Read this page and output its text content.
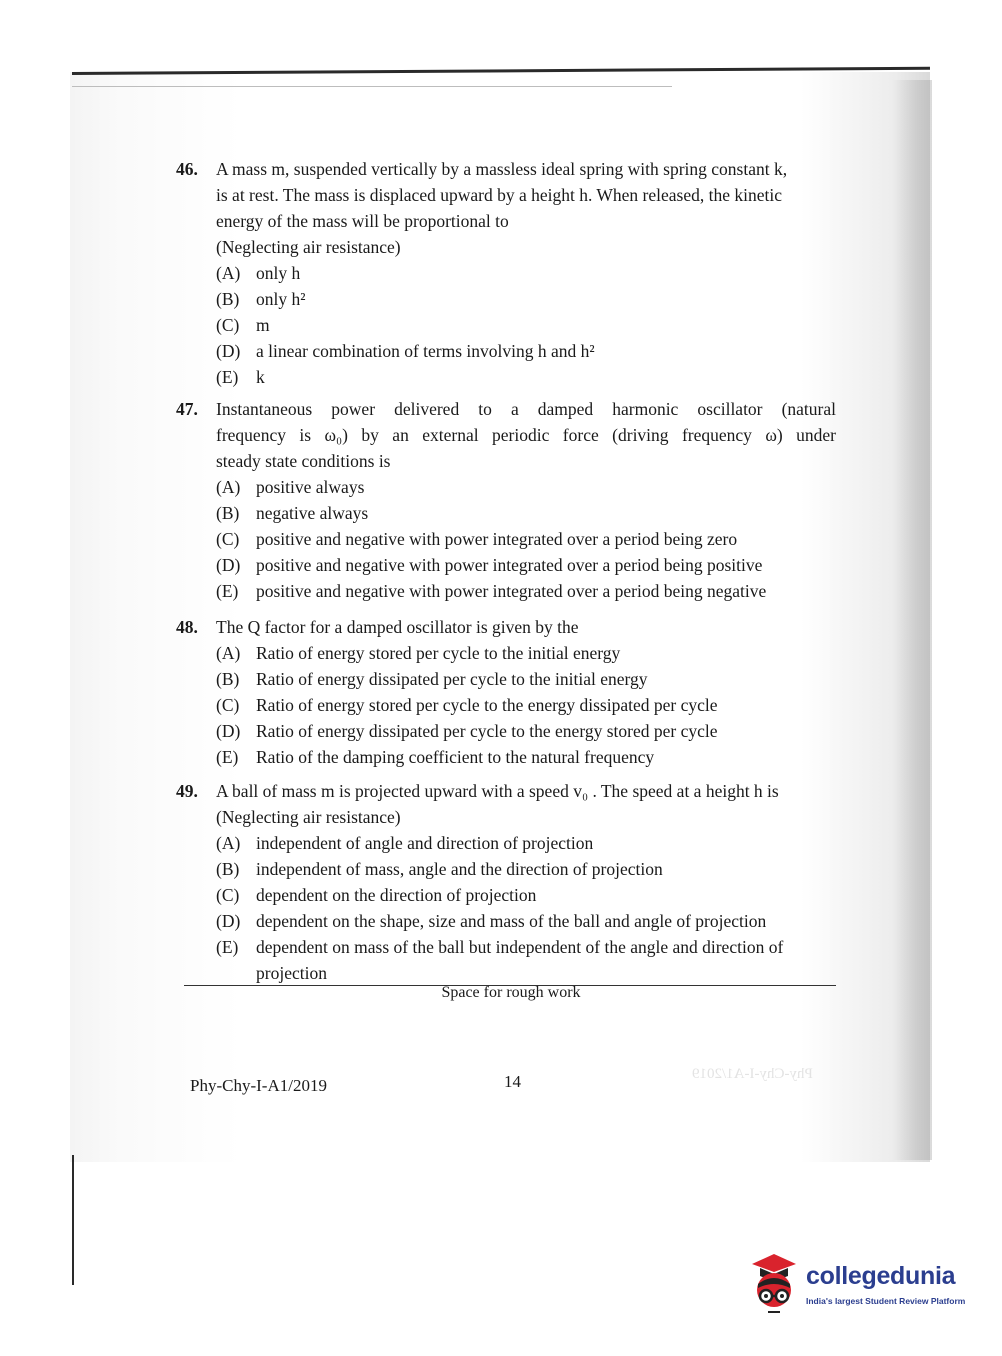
46. A mass m, suspended vertically by a massless ideal spring with spring constant k,
is at rest. The mass is displaced upward by a height h. When released, the kinetic
energy of the mass will be proportional to
(Neglecting air resistance)
(A) only h
(B) only h²
(C) m
(D) a linear combination of terms involving h and h²
(E)	k
47. Instantaneous power delivered to a damped harmonic oscillator (natural
frequency is ω₀) by an external periodic force (driving frequency ω) under
steady state conditions is
(A) positive always
(B) negative always
(C) positive and negative with power integrated over a period being zero
(D) positive and negative with power integrated over a period being positive
(E)	positive and negative with power integrated over a period being negative
48. The Q factor for a damped oscillator is given by the
(A) Ratio of energy stored per cycle to the initial energy
(B) Ratio of energy dissipated per cycle to the initial energy
(C) Ratio of energy stored per cycle to the energy dissipated per cycle
(D) Ratio of energy dissipated per cycle to the energy stored per cycle
(E)	Ratio of the damping coefficient to the natural frequency
49. A ball of mass m is projected upward with a speed v₀ . The speed at a height h is
(Neglecting air resistance)
(A) independent of angle and direction of projection
(B) independent of mass, angle and the direction of projection
(C) dependent on the direction of projection
(D) dependent on the shape, size and mass of the ball and angle of projection
(E)	dependent on mass of the ball but independent of the angle and direction of projection
Space for rough work
Phy-Chy-I-A1/2019	14	Phy-Chy-I-A1/2019
collegedunia
India's largest Student Review Platform
